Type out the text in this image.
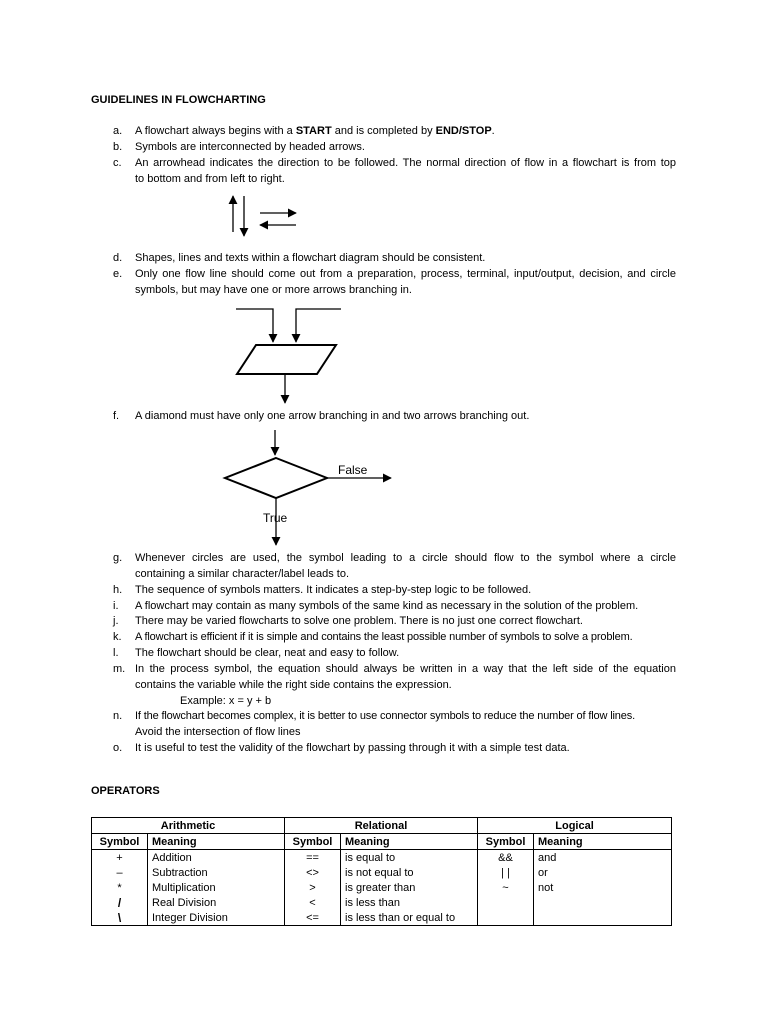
GUIDELINES IN FLOWCHARTING
a. A flowchart always begins with a START and is completed by END/STOP.
b. Symbols are interconnected by headed arrows.
c. An arrowhead indicates the direction to be followed. The normal direction of flow in a flowchart is from top
to bottom and from left to right.
d. Shapes, lines and texts within a flowchart diagram should be consistent.
e. Only one flow line should come out from a preparation, process, terminal, input/output, decision, and circle
symbols, but may have one or more arrows branching in.
f. A diamond must have only one arrow branching in and two arrows branching out.
False
True
g. Whenever circles are used, the symbol leading to a circle should flow to the symbol where a circle
containing a similar character/label leads to.
h. The sequence of symbols matters. It indicates a step-by-step logic to be followed.
i. A flowchart may contain as many symbols of the same kind as necessary in the solution of the problem.
j. There may be varied flowcharts to solve one problem. There is no just one correct flowchart.
k. A flowchart is efficient if it is simple and contains the least possible number of symbols to solve a problem.
l. The flowchart should be clear, neat and easy to follow.
m. In the process symbol, the equation should always be written in a way that the left side of the equation
contains the variable while the right side contains the expression.
Example: x = y + b
n. If the flowchart becomes complex, it is better to use connector symbols to reduce the number of flow lines.
Avoid the intersection of flow lines
o. It is useful to test the validity of the flowchart by passing through it with a simple test data.
OPERATORS
Arithmetic		Relational		Logical	
Symbol	Meaning	Symbol	Meaning	Symbol	Meaning
+	Addition	==	is equal to	&&	and
–	Subtraction	<>	is not equal to	| |	or
*	Multiplication	>	is greater than	~	not
/	Real Division	<	is less than		
\	Integer Division	<=	is less than or equal to		
